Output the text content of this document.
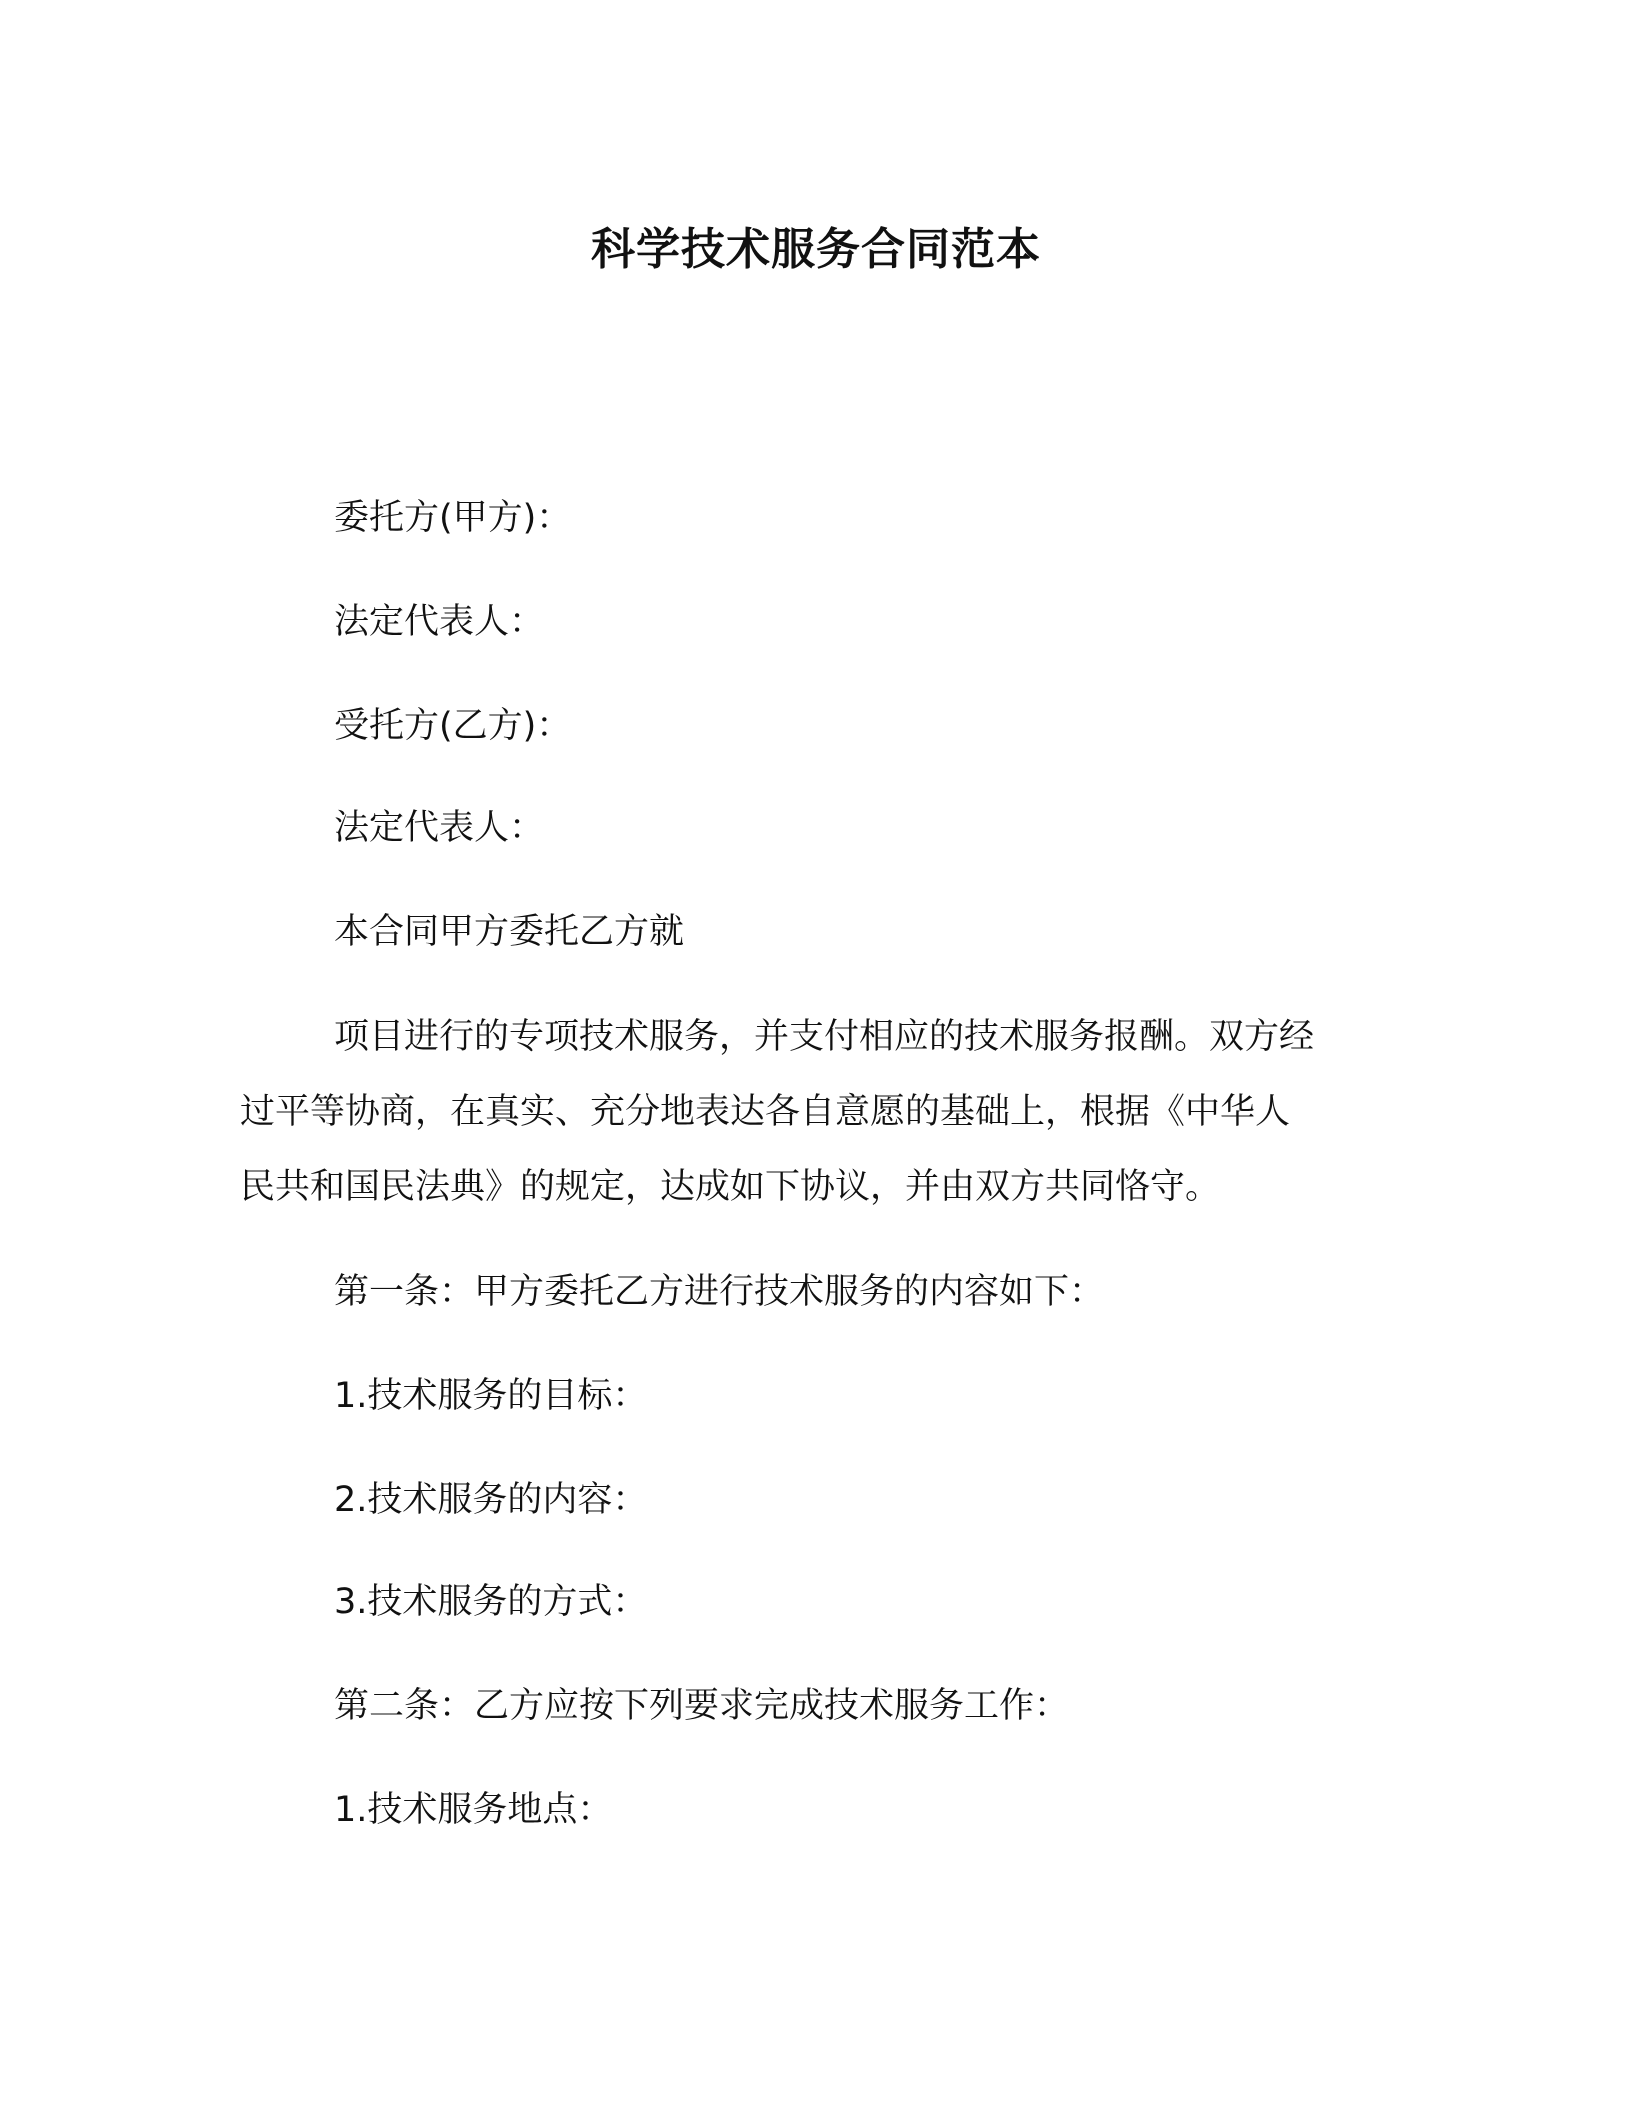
科学技术服务合同范本
委托方(甲方)：
法定代表人：
受托方(乙方)：
法定代表人：
本合同甲方委托乙方就
项目进行的专项技术服务，并支付相应的技术服务报酬。双方经
过平等协商，在真实、充分地表达各自意愿的基础上，根据《中华人
民共和国民法典》的规定，达成如下协议，并由双方共同恪守。
第一条：甲方委托乙方进行技术服务的内容如下：
1.技术服务的目标：
2.技术服务的内容：
3.技术服务的方式：
第二条：乙方应按下列要求完成技术服务工作：
1.技术服务地点：
